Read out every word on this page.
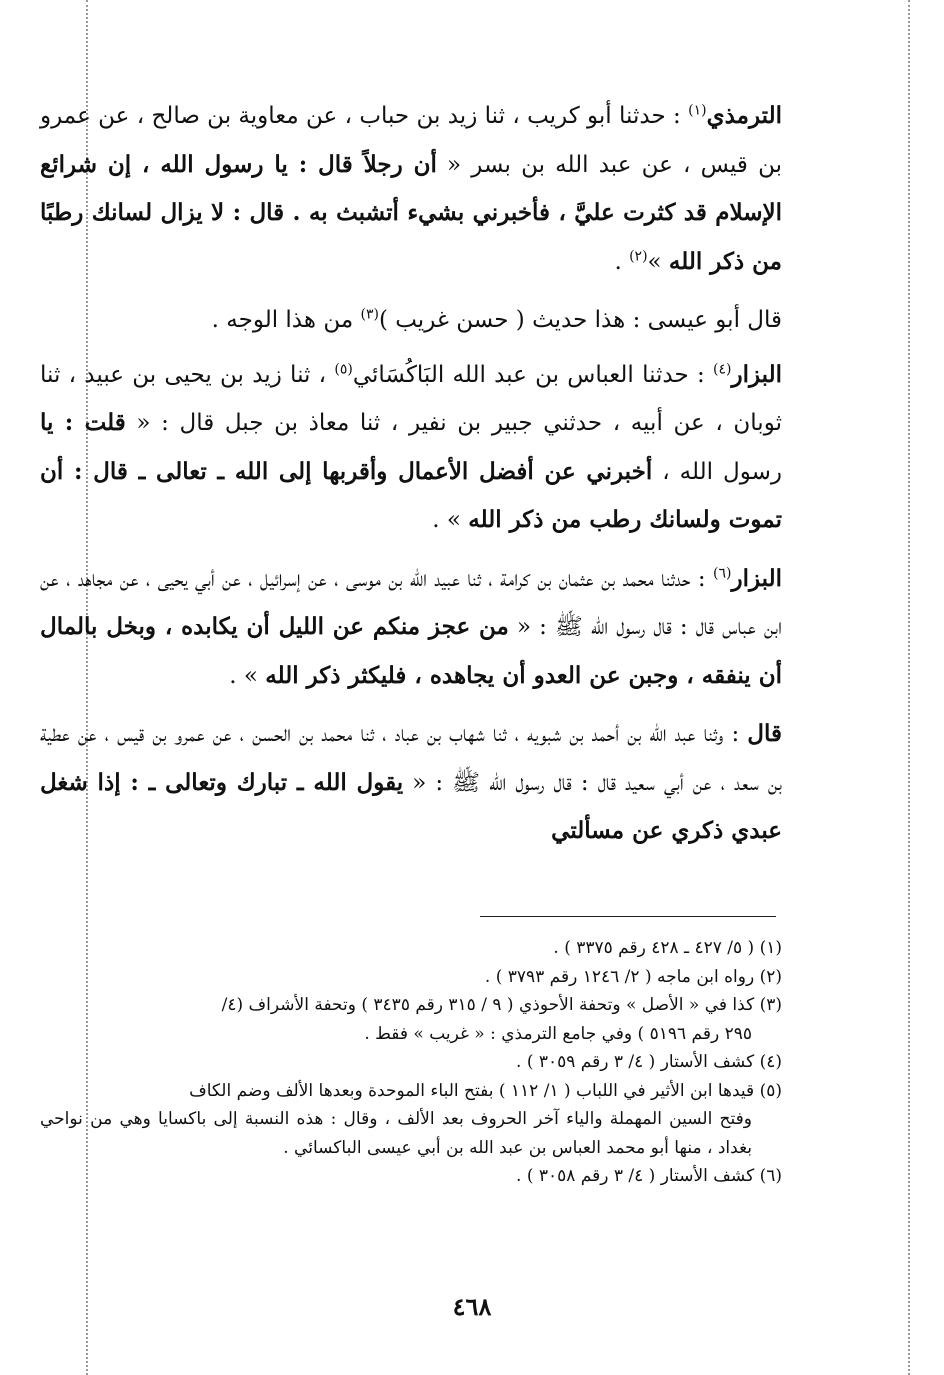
الترمذي$^{(١)}$ : حدثنا أبو كريب ، ثنا زيد بن حباب ، عن معاوية بن صالح ، عن عمرو بن قيس ، عن عبد الله بن بسر « أن رجلاً قال : يا رسول الله ، إن شرائع الإسلام قد كثرت عليَّ ، فأخبرني بشيء أتشبث به . قال : لا يزال لسانك رطبًا من ذكر الله »$^{(٢)}$ .

قال أبو عيسى : هذا حديث ( حسن غريب )$^{(٣)}$ من هذا الوجه .

البزار$^{(٤)}$ : حدثنا العباس بن عبد الله البَاكُسَائي$^{(٥)}$ ، ثنا زيد بن يحيى بن عبيد ، ثنا ثوبان ، عن أبيه ، حدثني جبير بن نفير ، ثنا معاذ بن جبل قال : « قلت : يا رسول الله ، أخبرني عن أفضل الأعمال وأقربها إلى الله ـ تعالى ـ قال : أن تموت ولسانك رطب من ذكر الله » .

البزار$^{(٦)}$ : حدثنا محمد بن عثمان بن كرامة ، ثنا عبيد الله بن موسى ، عن إسرائيل ، عن أبي يحيى ، عن مجاهد ، عن ابن عباس قال : قال رسول الله ﷺ : « من عجز منكم عن الليل أن يكابده ، وبخل بالمال أن ينفقه ، وجبن عن العدو أن يجاهده ، فليكثر ذكر الله » .

قال : وثنا عبد الله بن أحمد بن شبويه ، ثنا شهاب بن عباد ، ثنا محمد بن الحسن ، عن عمرو بن قيس ، عن عطية بن سعد ، عن أبي سعيد قال : قال رسول الله ﷺ : « يقول الله ـ تبارك وتعالى ـ : إذا شغل عبدي ذكري عن مسألتي

(١) ( ٥/ ٤٢٧ ـ ٤٢٨ رقم ٣٣٧٥ ) .

(٢) رواه ابن ماجه ( ٢/ ١٢٤٦ رقم ٣٧٩٣ ) .

(٣) كذا في « الأصل » وتحفة الأحوذي ( ٩ / ٣١٥ رقم ٣٤٣٥ ) وتحفة الأشراف (٤/
٢٩٥ رقم ٥١٩٦ ) وفي جامع الترمذي : « غريب » فقط .

(٤) كشف الأستار ( ٤/ ٣ رقم ٣٠٥٩ ) .

(٥) قيدها ابن الأثير في اللباب ( ١/ ١١٢ ) بفتح الباء الموحدة وبعدها الألف وضم الكاف
وفتح السين المهملة والياء آخر الحروف بعد الألف ، وقال : هذه النسبة إلى باكسايا وهي من نواحي بغداد ، منها أبو محمد العباس بن عبد الله بن أبي عيسى الباكسائي .

(٦) كشف الأستار ( ٤/ ٣ رقم ٣٠٥٨ ) .

٤٦٨
